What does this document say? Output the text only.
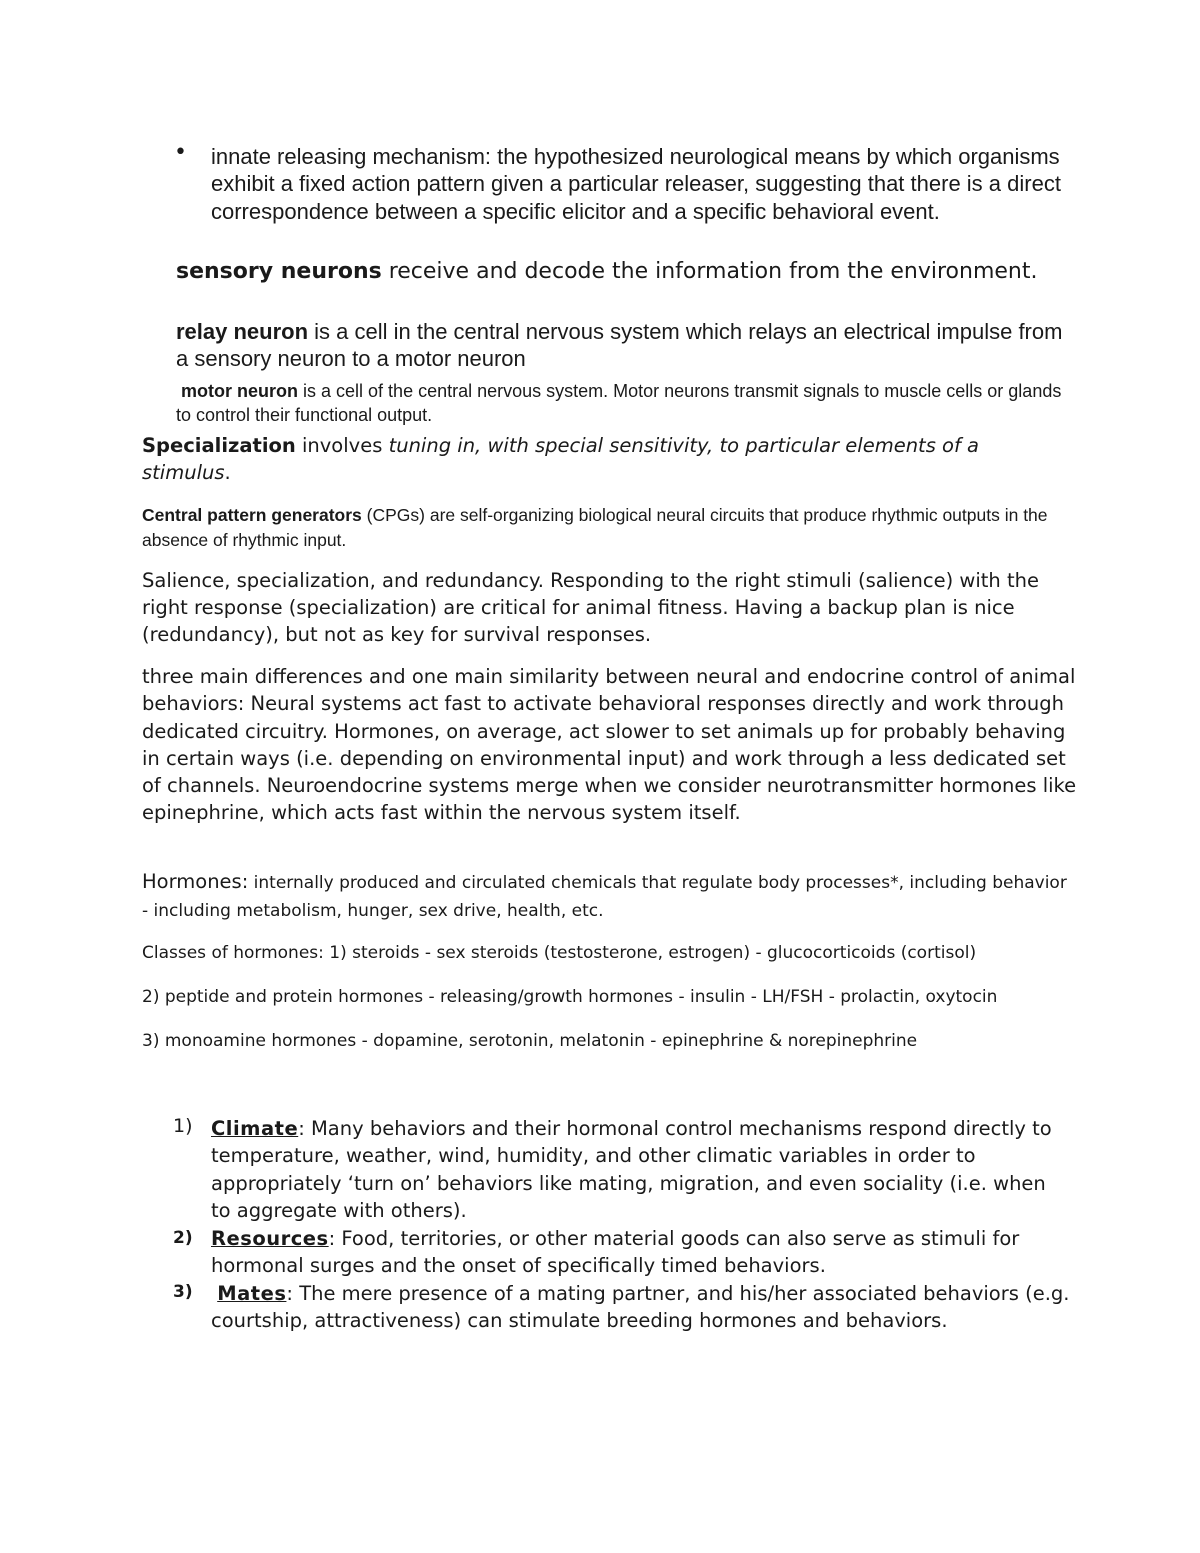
• innate releasing mechanism: the hypothesized neurological means by which organisms exhibit a fixed action pattern given a particular releaser, suggesting that there is a direct correspondence between a specific elicitor and a specific behavioral event.

sensory neurons receive and decode the information from the environment.

relay neuron is a cell in the central nervous system which relays an electrical impulse from a sensory neuron to a motor neuron

motor neuron is a cell of the central nervous system. Motor neurons transmit signals to muscle cells or glands to control their functional output.

Specialization involves tuning in, with special sensitivity, to particular elements of a stimulus.

Central pattern generators (CPGs) are self-organizing biological neural circuits that produce rhythmic outputs in the absence of rhythmic input.

Salience, specialization, and redundancy. Responding to the right stimuli (salience) with the right response (specialization) are critical for animal fitness. Having a backup plan is nice (redundancy), but not as key for survival responses.

three main differences and one main similarity between neural and endocrine control of animal behaviors: Neural systems act fast to activate behavioral responses directly and work through dedicated circuitry. Hormones, on average, act slower to set animals up for probably behaving in certain ways (i.e. depending on environmental input) and work through a less dedicated set of channels. Neuroendocrine systems merge when we consider neurotransmitter hormones like epinephrine, which acts fast within the nervous system itself.

Hormones: internally produced and circulated chemicals that regulate body processes*, including behavior - including metabolism, hunger, sex drive, health, etc.

Classes of hormones: 1) steroids - sex steroids (testosterone, estrogen) - glucocorticoids (cortisol)

2) peptide and protein hormones - releasing/growth hormones - insulin - LH/FSH - prolactin, oxytocin

3) monoamine hormones - dopamine, serotonin, melatonin - epinephrine & norepinephrine

1) Climate: Many behaviors and their hormonal control mechanisms respond directly to temperature, weather, wind, humidity, and other climatic variables in order to appropriately ‘turn on’ behaviors like mating, migration, and even sociality (i.e. when to aggregate with others).

2) Resources: Food, territories, or other material goods can also serve as stimuli for hormonal surges and the onset of specifically timed behaviors.

3)	Mates: The mere presence of a mating partner, and his/her associated behaviors (e.g. courtship, attractiveness) can stimulate breeding hormones and behaviors.
